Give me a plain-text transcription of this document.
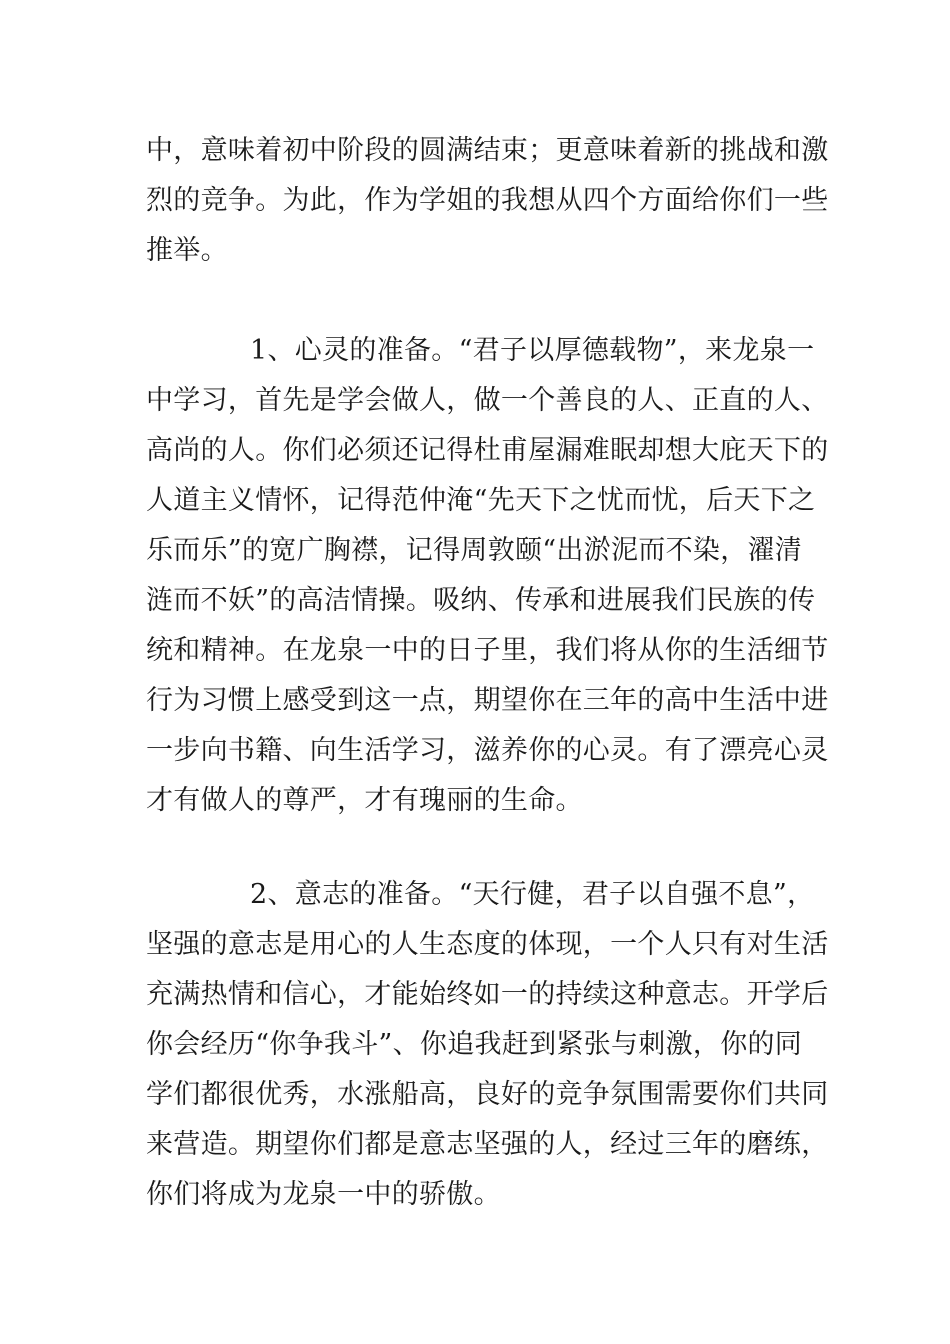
中，意味着初中阶段的圆满结束；更意味着新的挑战和激
烈的竞争。为此，作为学姐的我想从四个方面给你们一些
推举。
1、心灵的准备。“君子以厚德载物”，来龙泉一
中学习，首先是学会做人，做一个善良的人、正直的人、
高尚的人。你们必须还记得杜甫屋漏难眠却想大庇天下的
人道主义情怀，记得范仲淹“先天下之忧而忧，后天下之
乐而乐”的宽广胸襟，记得周敦颐“出淤泥而不染，濯清
涟而不妖”的高洁情操。吸纳、传承和进展我们民族的传
统和精神。在龙泉一中的日子里，我们将从你的生活细节
行为习惯上感受到这一点，期望你在三年的高中生活中进
一步向书籍、向生活学习，滋养你的心灵。有了漂亮心灵
才有做人的尊严，才有瑰丽的生命。
2、意志的准备。“天行健，君子以自强不息”，
坚强的意志是用心的人生态度的体现，一个人只有对生活
充满热情和信心，才能始终如一的持续这种意志。开学后
你会经历“你争我斗”、你追我赶到紧张与刺激，你的同
学们都很优秀，水涨船高，良好的竞争氛围需要你们共同
来营造。期望你们都是意志坚强的人，经过三年的磨练，
你们将成为龙泉一中的骄傲。
